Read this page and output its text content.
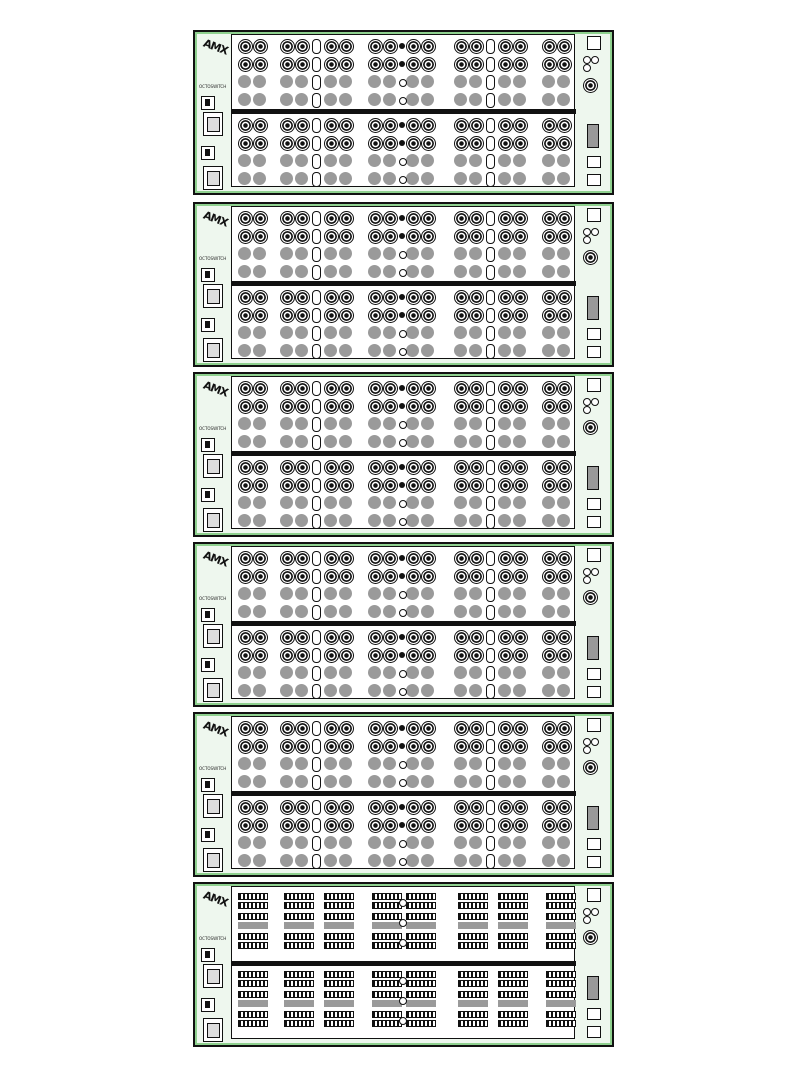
AMX
OCTOSWITCH
AMX
OCTOSWITCH
AMX
OCTOSWITCH
AMX
OCTOSWITCH
AMX
OCTOSWITCH
AMX
OCTOSWITCH
